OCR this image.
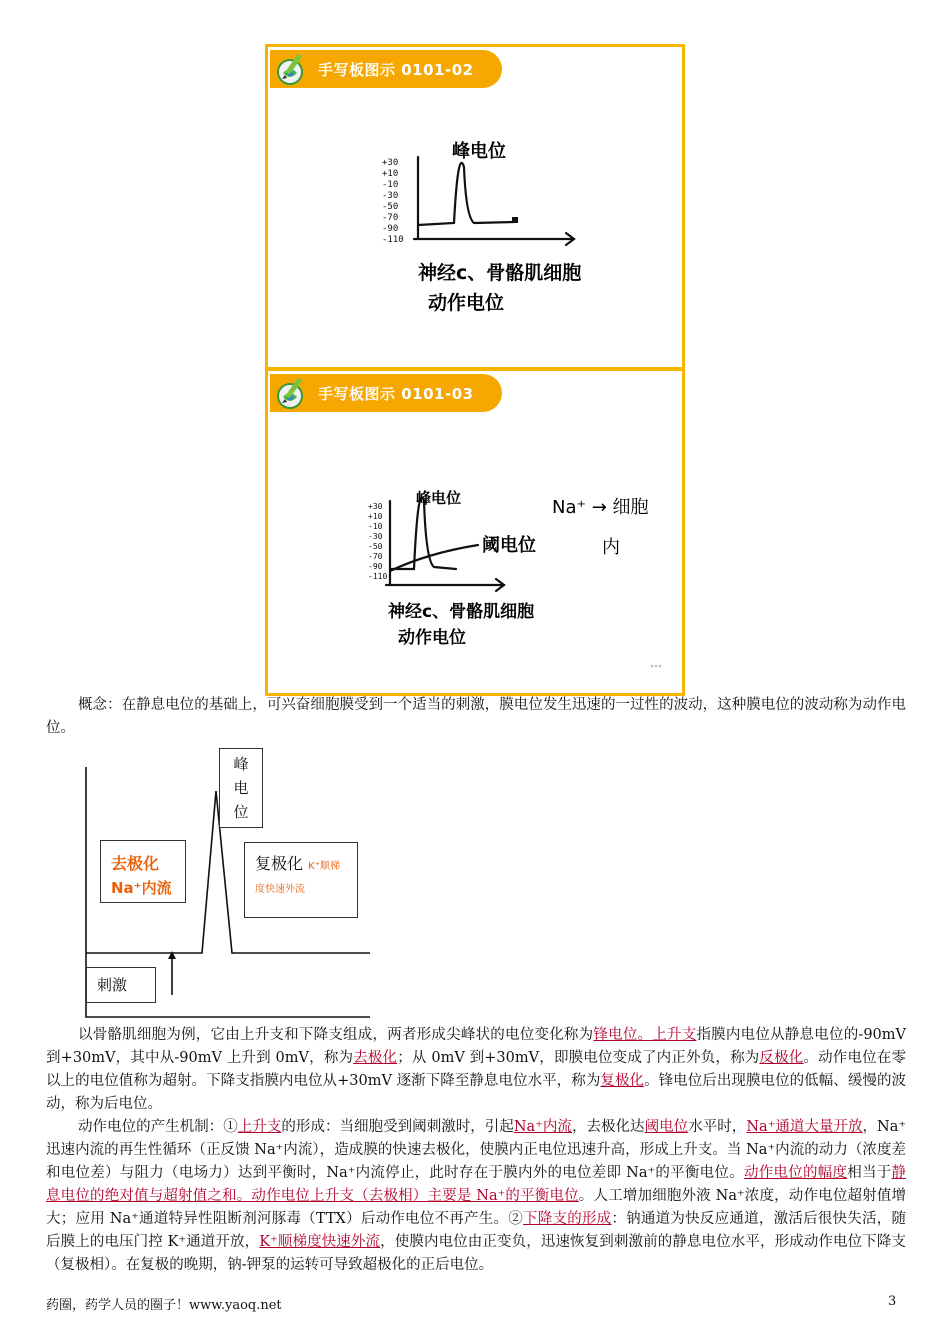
手写板图示 0101-02
峰电位
+30
+10
-10
-30
-50
-70
-90
-110
神经c、骨骼肌细胞
动作电位
手写板图示 0101-03
峰电位
+30
+10
-10
-30
-50
-70
-90
-110
阈电位
Na⁺ → 细胞
内
神经c、骨骼肌细胞
动作电位

概念：在静息电位的基础上，可兴奋细胞膜受到一个适当的刺激，膜电位发生迅速的一过性的波动，这种膜电位的波动称为动作电位。

峰
电
位
去极化
Na⁺内流
复极化 K⁺顺梯
度快速外流
刺激

以骨骼肌细胞为例，它由上升支和下降支组成，两者形成尖峰状的电位变化称为锋电位。上升支指膜内电位从静息电位的-90mV 到+30mV，其中从-90mV 上升到 0mV，称为去极化；从 0mV 到+30mV，即膜电位变成了内正外负，称为反极化。动作电位在零以上的电位值称为超射。下降支指膜内电位从+30mV 逐渐下降至静息电位水平，称为复极化。锋电位后出现膜电位的低幅、缓慢的波动，称为后电位。

动作电位的产生机制：①上升支的形成：当细胞受到阈刺激时，引起Na⁺内流，去极化达阈电位水平时，Na⁺通道大量开放，Na⁺迅速内流的再生性循环（正反馈 Na⁺内流），造成膜的快速去极化，使膜内正电位迅速升高，形成上升支。当 Na⁺内流的动力（浓度差和电位差）与阻力（电场力）达到平衡时，Na⁺内流停止，此时存在于膜内外的电位差即 Na⁺的平衡电位。动作电位的幅度相当于静息电位的绝对值与超射值之和。动作电位上升支（去极相）主要是 Na⁺的平衡电位。人工增加细胞外液 Na⁺浓度，动作电位超射值增大；应用 Na⁺通道特异性阻断剂河豚毒（TTX）后动作电位不再产生。②下降支的形成：钠通道为快反应通道，激活后很快失活，随后膜上的电压门控 K⁺通道开放，K⁺顺梯度快速外流，使膜内电位由正变负，迅速恢复到刺激前的静息电位水平，形成动作电位下降支（复极相）。在复极的晚期，钠-钾泵的运转可导致超极化的正后电位。

药圈，药学人员的圈子！www.yaoq.net	3
